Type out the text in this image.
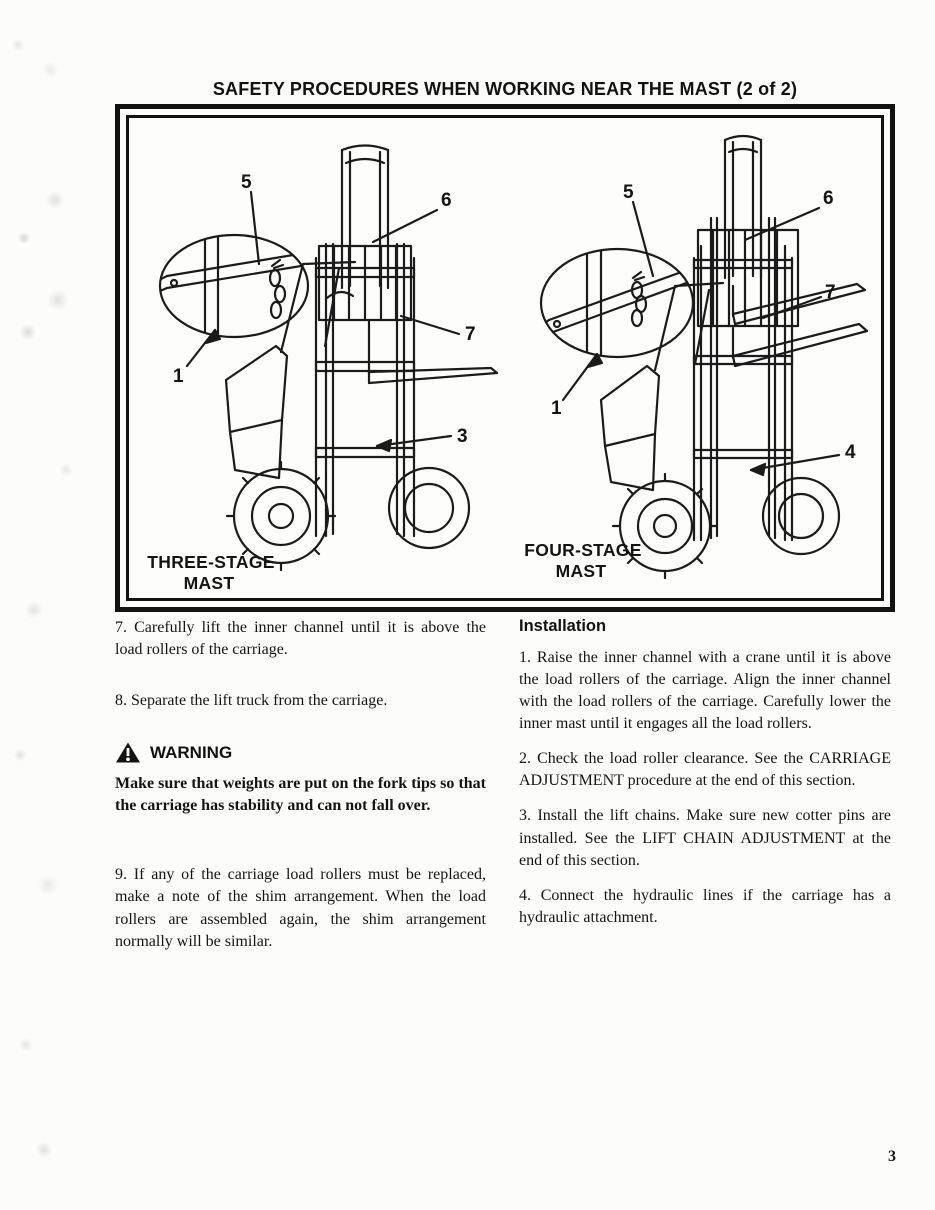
SAFETY PROCEDURES WHEN WORKING NEAR THE MAST (2 of 2)
5
6
7
1
3
THREE-STAGE
MAST
5	6
7
1
4
FOUR-STAGE
MAST

7. Carefully lift the inner channel until it is above the load rollers of the carriage.

8. Separate the lift truck from the carriage.

WARNING

Make sure that weights are put on the fork tips so that the carriage has stability and can not fall over.

9. If any of the carriage load rollers must be replaced, make a note of the shim arrangement. When the load rollers are assembled again, the shim arrangement normally will be similar.

Installation

1. Raise the inner channel with a crane until it is above the load rollers of the carriage. Align the inner channel with the load rollers of the carriage. Carefully lower the inner mast until it engages all the load rollers.

2. Check the load roller clearance. See the CARRIAGE ADJUSTMENT procedure at the end of this section.

3. Install the lift chains. Make sure new cotter pins are installed. See the LIFT CHAIN ADJUSTMENT at the end of this section.

4. Connect the hydraulic lines if the carriage has a hydraulic attachment.

3
